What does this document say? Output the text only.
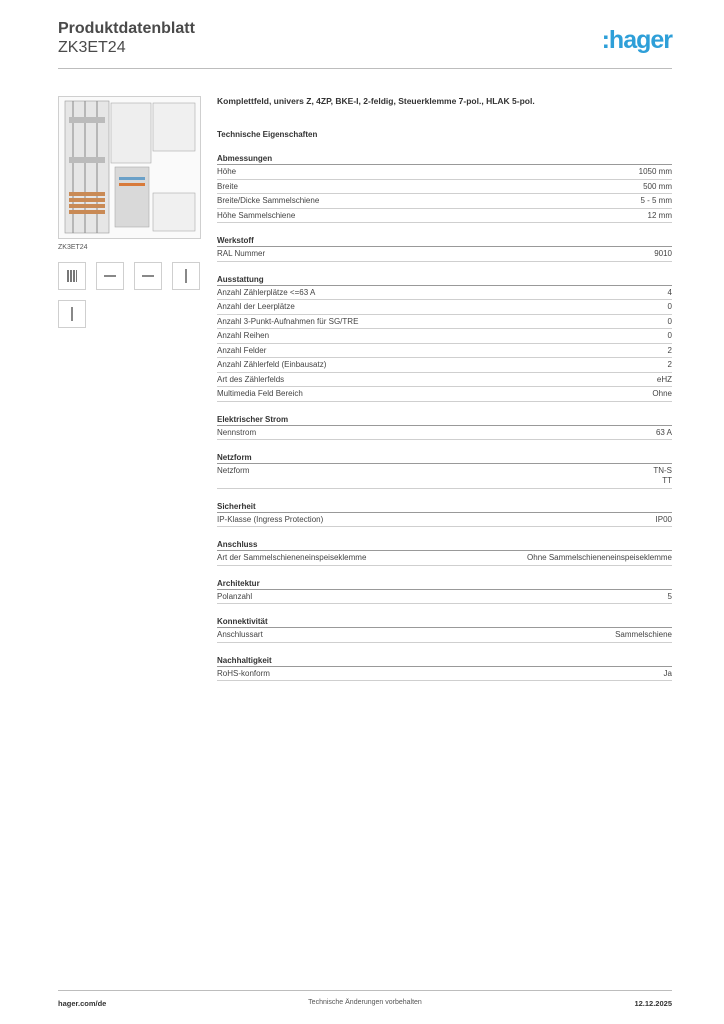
Produktdatenblatt
ZK3ET24	:hager
ZK3ET24
Komplettfeld, univers Z, 4ZP, BKE-I, 2-feldig, Steuerklemme 7-pol., HLAK 5-pol.
Technische Eigenschaften
Abmessungen
Höhe	1050 mm
Breite	500 mm
Breite/Dicke Sammelschiene	5 - 5 mm
Höhe Sammelschiene	12 mm
Werkstoff
RAL Nummer	9010
Ausstattung
Anzahl Zählerplätze <=63 A	4
Anzahl der Leerplätze	0
Anzahl 3-Punkt-Aufnahmen für SG/TRE	0
Anzahl Reihen	0
Anzahl Felder	2
Anzahl Zählerfeld (Einbausatz)	2
Art des Zählerfelds	eHZ
Multimedia Feld Bereich	Ohne
Elektrischer Strom
Nennstrom	63 A
Netzform
Netzform	TN-S
TT
Sicherheit
IP-Klasse (Ingress Protection)	IP00
Anschluss
Art der Sammelschieneneinspeiseklemme	Ohne Sammelschieneneinspeiseklemme
Architektur
Polanzahl	5
Konnektivität
Anschlussart	Sammelschiene
Nachhaltigkeit
RoHS-konform	Ja
hager.com/de	Technische Änderungen vorbehalten	12.12.2025
